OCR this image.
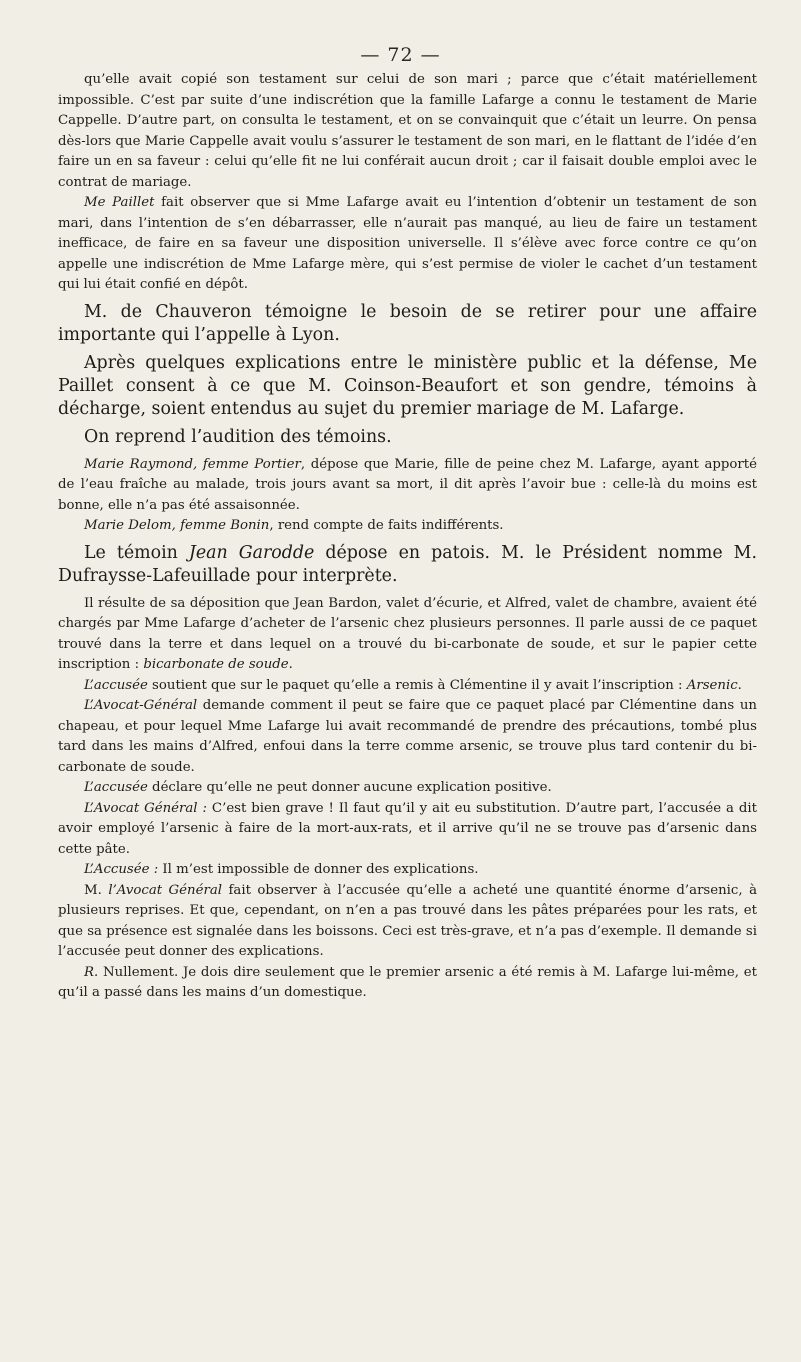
— 72 —

qu’elle avait copié son testament sur celui de son mari ; parce que c’était matériellement impossible. C’est par suite d’une indiscrétion que la famille Lafarge a connu le testament de Marie Cappelle. D’autre part, on consulta le testament, et on se convainquit que c’était un leurre. On pensa dès-lors que Marie Cappelle avait voulu s’assurer le testament de son mari, en le flattant de l’idée d’en faire un en sa faveur : celui qu’elle fit ne lui conférait aucun droit ; car il faisait double emploi avec le contrat de mariage.

Me Paillet fait observer que si Mme Lafarge avait eu l’intention d’obtenir un testament de son mari, dans l’intention de s’en débarrasser, elle n’aurait pas manqué, au lieu de faire un testament inefficace, de faire en sa faveur une disposition universelle. Il s’élève avec force contre ce qu’on appelle une indiscrétion de Mme Lafarge mère, qui s’est permise de violer le cachet d’un testament qui lui était confié en dépôt.

M. de Chauveron témoigne le besoin de se retirer pour une affaire importante qui l’appelle à Lyon.

Après quelques explications entre le ministère public et la défense, Me Paillet consent à ce que M. Coinson-Beaufort et son gendre, témoins à décharge, soient entendus au sujet du premier mariage de M. Lafarge.

On reprend l’audition des témoins.

Marie Raymond, femme Portier, dépose que Marie, fille de peine chez M. Lafarge, ayant apporté de l’eau fraîche au malade, trois jours avant sa mort, il dit après l’avoir bue : celle-là du moins est bonne, elle n’a pas été assaisonnée.

Marie Delom, femme Bonin, rend compte de faits indifférents.

Le témoin Jean Garodde dépose en patois. M. le Président nomme M. Dufraysse-Lafeuillade pour interprète.

Il résulte de sa déposition que Jean Bardon, valet d’écurie, et Alfred, valet de chambre, avaient été chargés par Mme Lafarge d’acheter de l’arsenic chez plusieurs personnes. Il parle aussi de ce paquet trouvé dans la terre et dans lequel on a trouvé du bi-carbonate de soude, et sur le papier cette inscription : bicarbonate de soude.

L’accusée soutient que sur le paquet qu’elle a remis à Clémentine il y avait l’inscription : Arsenic.

L’Avocat-Général demande comment il peut se faire que ce paquet placé par Clémentine dans un chapeau, et pour lequel Mme Lafarge lui avait recommandé de prendre des précautions, tombé plus tard dans les mains d’Alfred, enfoui dans la terre comme arsenic, se trouve plus tard contenir du bi-carbonate de soude.

L’accusée déclare qu’elle ne peut donner aucune explication positive.

L’Avocat Général : C’est bien grave ! Il faut qu’il y ait eu substitution. D’autre part, l’accusée a dit avoir employé l’arsenic à faire de la mort-aux-rats, et il arrive qu’il ne se trouve pas d’arsenic dans cette pâte.

L’Accusée : Il m’est impossible de donner des explications.

M. l’Avocat Général fait observer à l’accusée qu’elle a acheté une quantité énorme d’arsenic, à plusieurs reprises. Et que, cependant, on n’en a pas trouvé dans les pâtes préparées pour les rats, et que sa présence est signalée dans les boissons. Ceci est très-grave, et n’a pas d’exemple. Il demande si l’accusée peut donner des explications.

R. Nullement. Je dois dire seulement que le premier arsenic a été remis à M. Lafarge lui-même, et qu’il a passé dans les mains d’un domestique.
